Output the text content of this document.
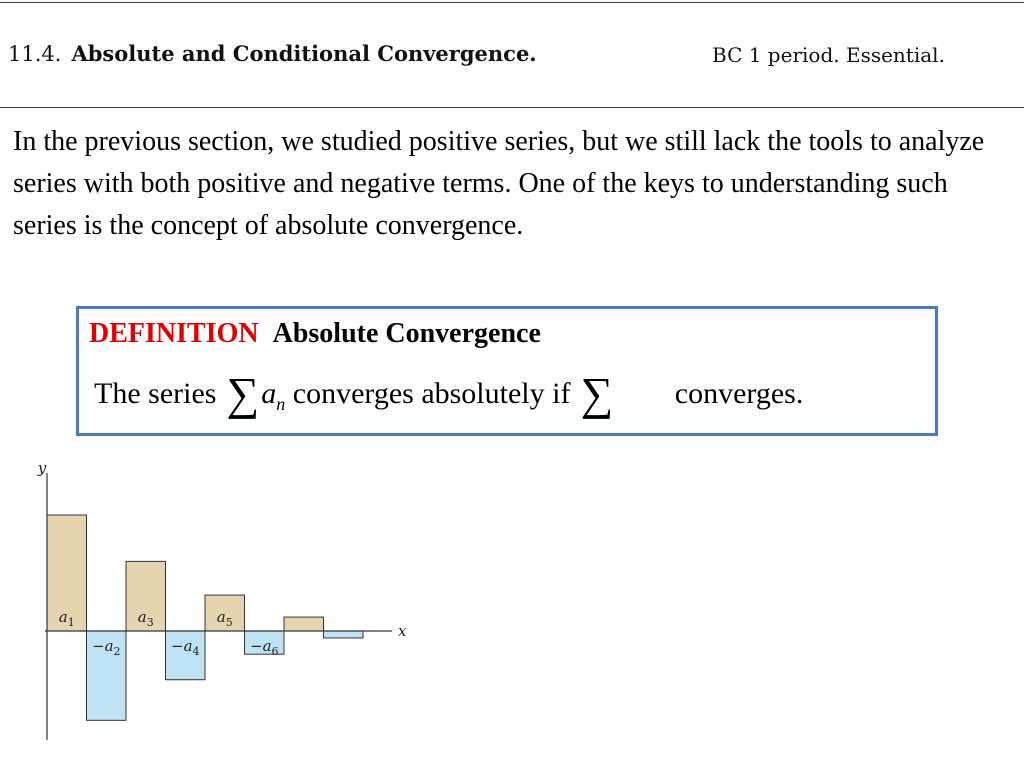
11.4. Absolute and Conditional Convergence.	BC 1 period. Essential.
In the previous section, we studied positive series, but we still lack the tools to analyze series with both positive and negative terms. One of the keys to understanding such series is the concept of absolute convergence.
DEFINITION Absolute Convergence
The series $\sum a_n$ converges absolutely if ∑ converges.
y
x
$a_1$
$-a_2$
$a_3$
$-a_4$
$a_5$
$-a_6$
